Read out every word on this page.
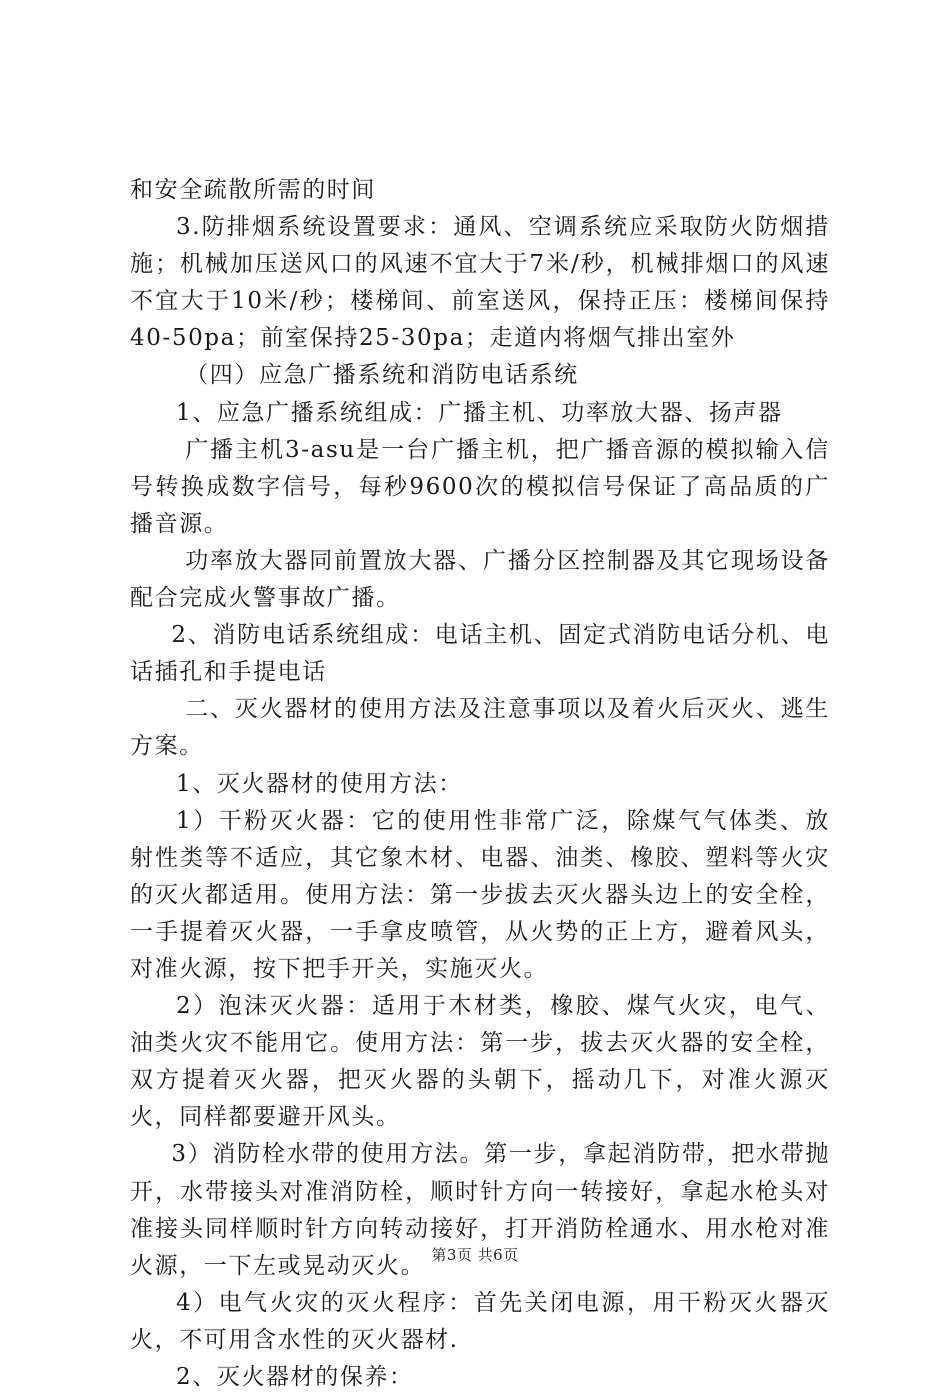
和安全疏散所需的时间

3.防排烟系统设置要求：通风、空调系统应采取防火防烟措施；机械加压送风口的风速不宜大于7米/秒，机械排烟口的风速不宜大于10米/秒；楼梯间、前室送风，保持正压：楼梯间保持40-50pa；前室保持25-30pa；走道内将烟气排出室外

（四）应急广播系统和消防电话系统

1、应急广播系统组成：广播主机、功率放大器、扬声器

广播主机3-asu是一台广播主机，把广播音源的模拟输入信号转换成数字信号，每秒9600次的模拟信号保证了高品质的广播音源。

功率放大器同前置放大器、广播分区控制器及其它现场设备配合完成火警事故广播。

2、消防电话系统组成：电话主机、固定式消防电话分机、电话插孔和手提电话

二、灭火器材的使用方法及注意事项以及着火后灭火、逃生方案。

1、灭火器材的使用方法：

1）干粉灭火器：它的使用性非常广泛，除煤气气体类、放射性类等不适应，其它象木材、电器、油类、橡胶、塑料等火灾的灭火都适用。使用方法：第一步拔去灭火器头边上的安全栓，一手提着灭火器，一手拿皮喷管，从火势的正上方，避着风头，对准火源，按下把手开关，实施灭火。

2）泡沫灭火器：适用于木材类，橡胶、煤气火灾，电气、油类火灾不能用它。使用方法：第一步，拔去灭火器的安全栓，双方提着灭火器，把灭火器的头朝下，摇动几下，对准火源灭火，同样都要避开风头。

3）消防栓水带的使用方法。第一步，拿起消防带，把水带抛开，水带接头对准消防栓，顺时针方向一转接好，拿起水枪头对准接头同样顺时针方向转动接好，打开消防栓通水、用水枪对准火源，一下左或晃动灭火。

4）电气火灾的灭火程序：首先关闭电源，用干粉灭火器灭火，不可用含水性的灭火器材.

2、灭火器材的保养：

第3页 共6页
